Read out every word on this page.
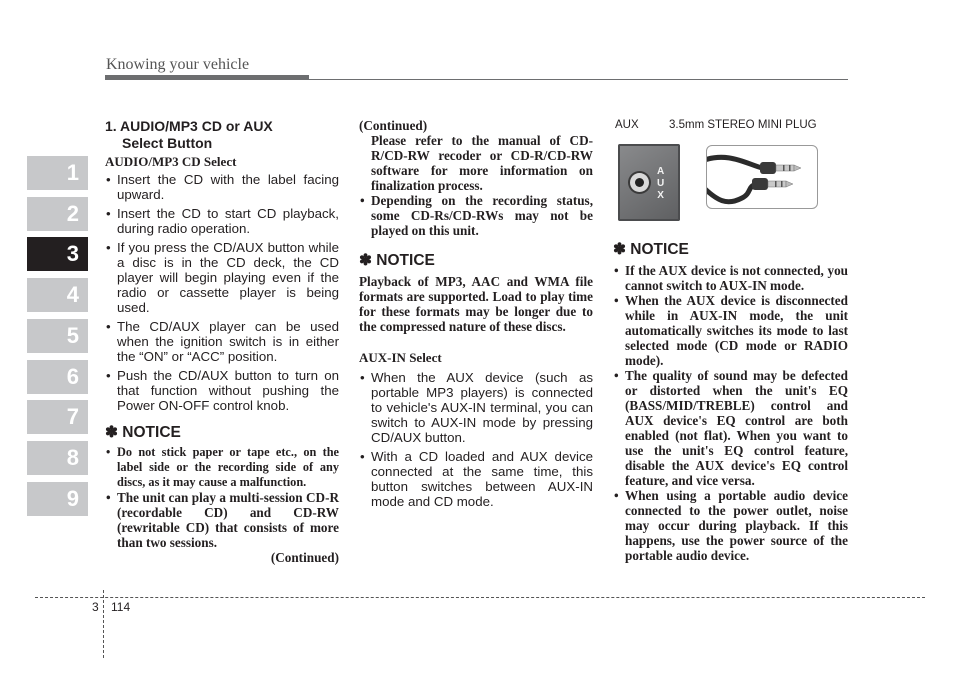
Knowing your vehicle
1
2
3
4
5
6
7
8
9
1. AUDIO/MP3 CD or AUX
Select Button
AUDIO/MP3 CD Select
• Insert the CD with the label facing upward.
• Insert the CD to start CD playback, during radio operation.
• If you press the CD/AUX button while a disc is in the CD deck, the CD player will begin playing even if the radio or cassette player is being used.
• The CD/AUX player can be used when the ignition switch is in either the “ON” or “ACC” position.
• Push the CD/AUX button to turn on that function without pushing the Power ON-OFF control knob.
✽ NOTICE
• Do not stick paper or tape etc., on the label side or the recording side of any discs, as it may cause a malfunction.
• The unit can play a multi-session CD-R (recordable CD) and CD-RW (rewritable CD) that consists of more than two sessions.
(Continued)
(Continued)
Please refer to the manual of CD-R/CD-RW recoder or CD-R/CD-RW software for more information on finalization process.
• Depending on the recording status, some CD-Rs/CD-RWs may not be played on this unit.
✽ NOTICE
Playback of MP3, AAC and WMA file formats are supported. Load to play time for these formats may be longer due to the compressed nature of these discs.
AUX-IN Select
• When the AUX device (such as portable MP3 players) is connected to vehicle's AUX-IN terminal, you can switch to AUX-IN mode by pressing CD/AUX button.
• With a CD loaded and AUX device connected at the same time, this button switches between AUX-IN mode and CD mode.
AUX	3.5mm STEREO MINI PLUG
A
U
X
✽ NOTICE
• If the AUX device is not connected, you cannot switch to AUX-IN mode.
• When the AUX device is disconnected while in AUX-IN mode, the unit automatically switches its mode to last selected mode (CD mode or RADIO mode).
• The quality of sound may be defected or distorted when the unit's EQ (BASS/MID/TREBLE) control and AUX device's EQ control are both enabled (not flat). When you want to use the unit's EQ control feature, disable the AUX device's EQ control feature, and vice versa.
• When using a portable audio device connected to the power outlet, noise may occur during playback. If this happens, use the power source of the portable audio device.
3 114
